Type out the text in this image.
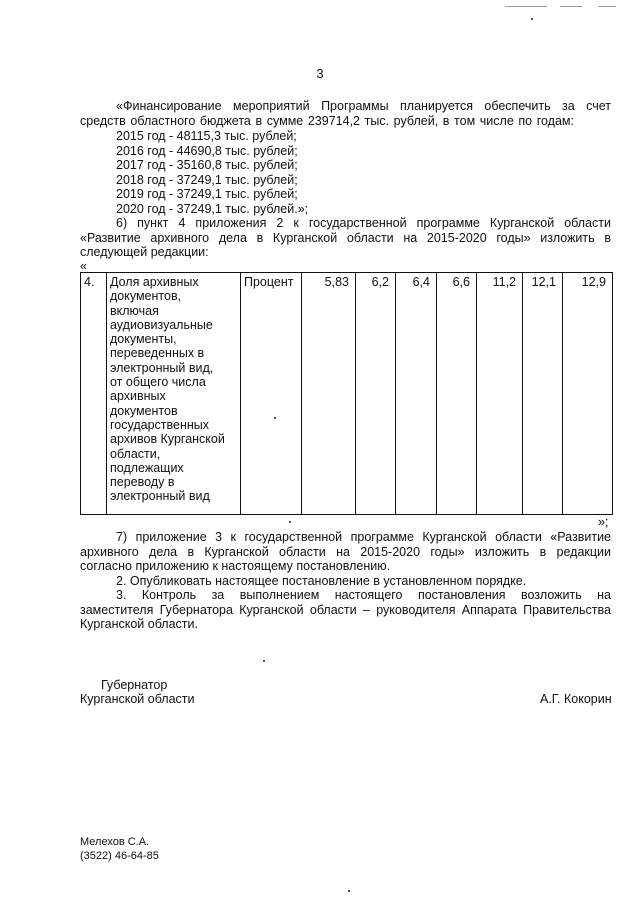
3
«Финансирование мероприятий Программы планируется обеспечить за счет
средств областного бюджета в сумме 239714,2 тыс. рублей, в том числе по годам:
2015 год - 48115,3 тыс. рублей;
2016 год - 44690,8 тыс. рублей;
2017 год - 35160,8 тыс. рублей;
2018 год - 37249,1 тыс. рублей;
2019 год - 37249,1 тыс. рублей;
2020 год - 37249,1 тыс. рублей.»;
6) пункт 4 приложения 2 к государственной программе Курганской области
«Развитие архивного дела в Курганской области на 2015-2020 годы» изложить в
следующей редакции:
«
4.	Доля архивных
документов,
включая
аудиовизуальные
документы,
переведенных в
электронный вид,
от общего числа
архивных
документов
государственных
архивов Курганской
области,
подлежащих
переводу в
электронный вид
	Процент	5,83	6,2	6,4	6,6	11,2	12,1	12,9
»;
7) приложение 3 к государственной программе Курганской области «Развитие
архивного дела в Курганской области на 2015-2020 годы» изложить в редакции
согласно приложению к настоящему постановлению.
2. Опубликовать настоящее постановление в установленном порядке.
3. Контроль за выполнением настоящего постановления возложить на
заместителя Губернатора Курганской области – руководителя Аппарата Правительства
Курганской области.
Губернатор
Курганской области	А.Г. Кокорин
Мелехов С.А.
(3522) 46-64-85
